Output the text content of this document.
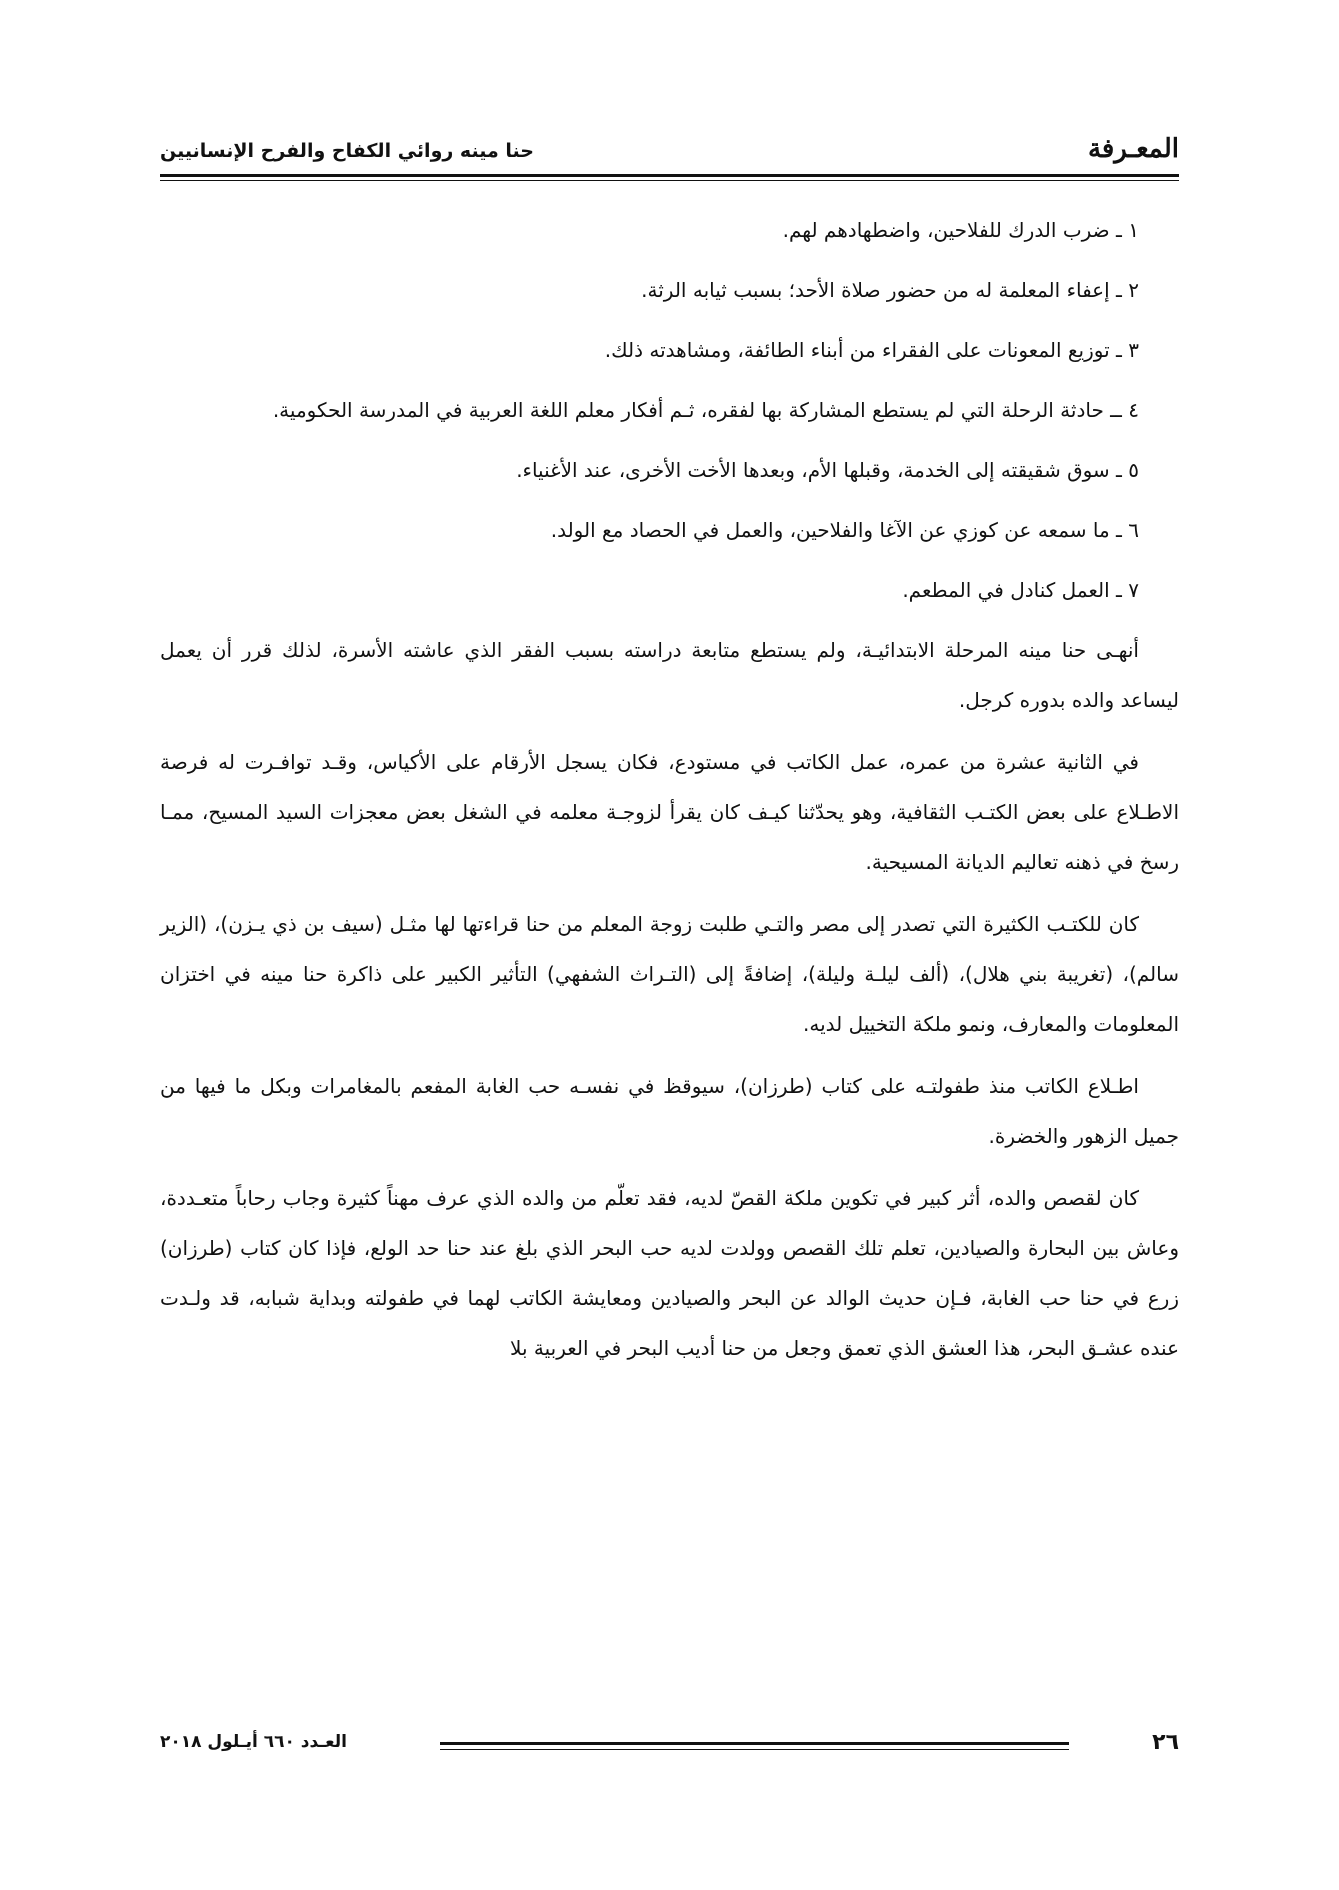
المعـرفة
حنا مينه روائي الكفاح والفرح الإنسانيين

١ ـ ضرب الدرك للفلاحين، واضطهادهم لهم.

٢ ـ إعفاء المعلمة له من حضور صلاة الأحد؛ بسبب ثيابه الرثة.

٣ ـ توزيع المعونات على الفقراء من أبناء الطائفة، ومشاهدته ذلك.

٤ ــ حادثة الرحلة التي لم يستطع المشاركة بها لفقره، ثـم أفكار معلم اللغة العربية في المدرسة الحكومية.

٥ ـ سوق شقيقته إلى الخدمة، وقبلها الأم، وبعدها الأخت الأخرى، عند الأغنياء.

٦ ـ ما سمعه عن كوزي عن الآغا والفلاحين، والعمل في الحصاد مع الولد.

٧ ـ العمل كنادل في المطعم.

أنهـى حنا مينه المرحلة الابتدائيـة، ولم يستطع متابعة دراسته بسبب الفقر الذي عاشته الأسرة، لذلك قرر أن يعمل ليساعد والده بدوره كرجل.

في الثانية عشرة من عمره، عمل الكاتب في مستودع، فكان يسجل الأرقام على الأكياس، وقـد توافـرت له فرصة الاطـلاع على بعض الكتـب الثقافية، وهو يحدّثنا كيـف كان يقرأ لزوجـة معلمه في الشغل بعض معجزات السيد المسيح، ممـا رسخ في ذهنه تعاليم الديانة المسيحية.

كان للكتـب الكثيرة التي تصدر إلى مصر والتـي طلبت زوجة المعلم من حنا قراءتها لها مثـل (سيف بن ذي يـزن)، (الزير سالم)، (تغريبة بني هلال)، (ألف ليلـة وليلة)، إضافةً إلى (التـراث الشفهي) التأثير الكبير على ذاكرة حنا مينه في اختزان المعلومات والمعارف، ونمو ملكة التخييل لديه.

اطـلاع الكاتب منذ طفولتـه على كتاب (طرزان)، سيوقظ في نفسـه حب الغابة المفعم بالمغامرات وبكل ما فيها من جميل الزهور والخضرة.

كان لقصص والده، أثر كبير في تكوين ملكة القصّ لديه، فقد تعلّم من والده الذي عرف مهناً كثيرة وجاب رحاباً متعـددة، وعاش بين البحارة والصيادين، تعلم تلك القصص وولدت لديه حب البحر الذي بلغ عند حنا حد الولع، فإذا كان كتاب (طرزان) زرع في حنا حب الغابة، فـإن حديث الوالد عن البحر والصيادين ومعايشة الكاتب لهما في طفولته وبداية شبابه، قد ولـدت عنده عشـق البحر، هذا العشق الذي تعمق وجعل من حنا أديب البحر في العربية بلا

٢٦
العـدد ٦٦٠ أيـلول ٢٠١٨
